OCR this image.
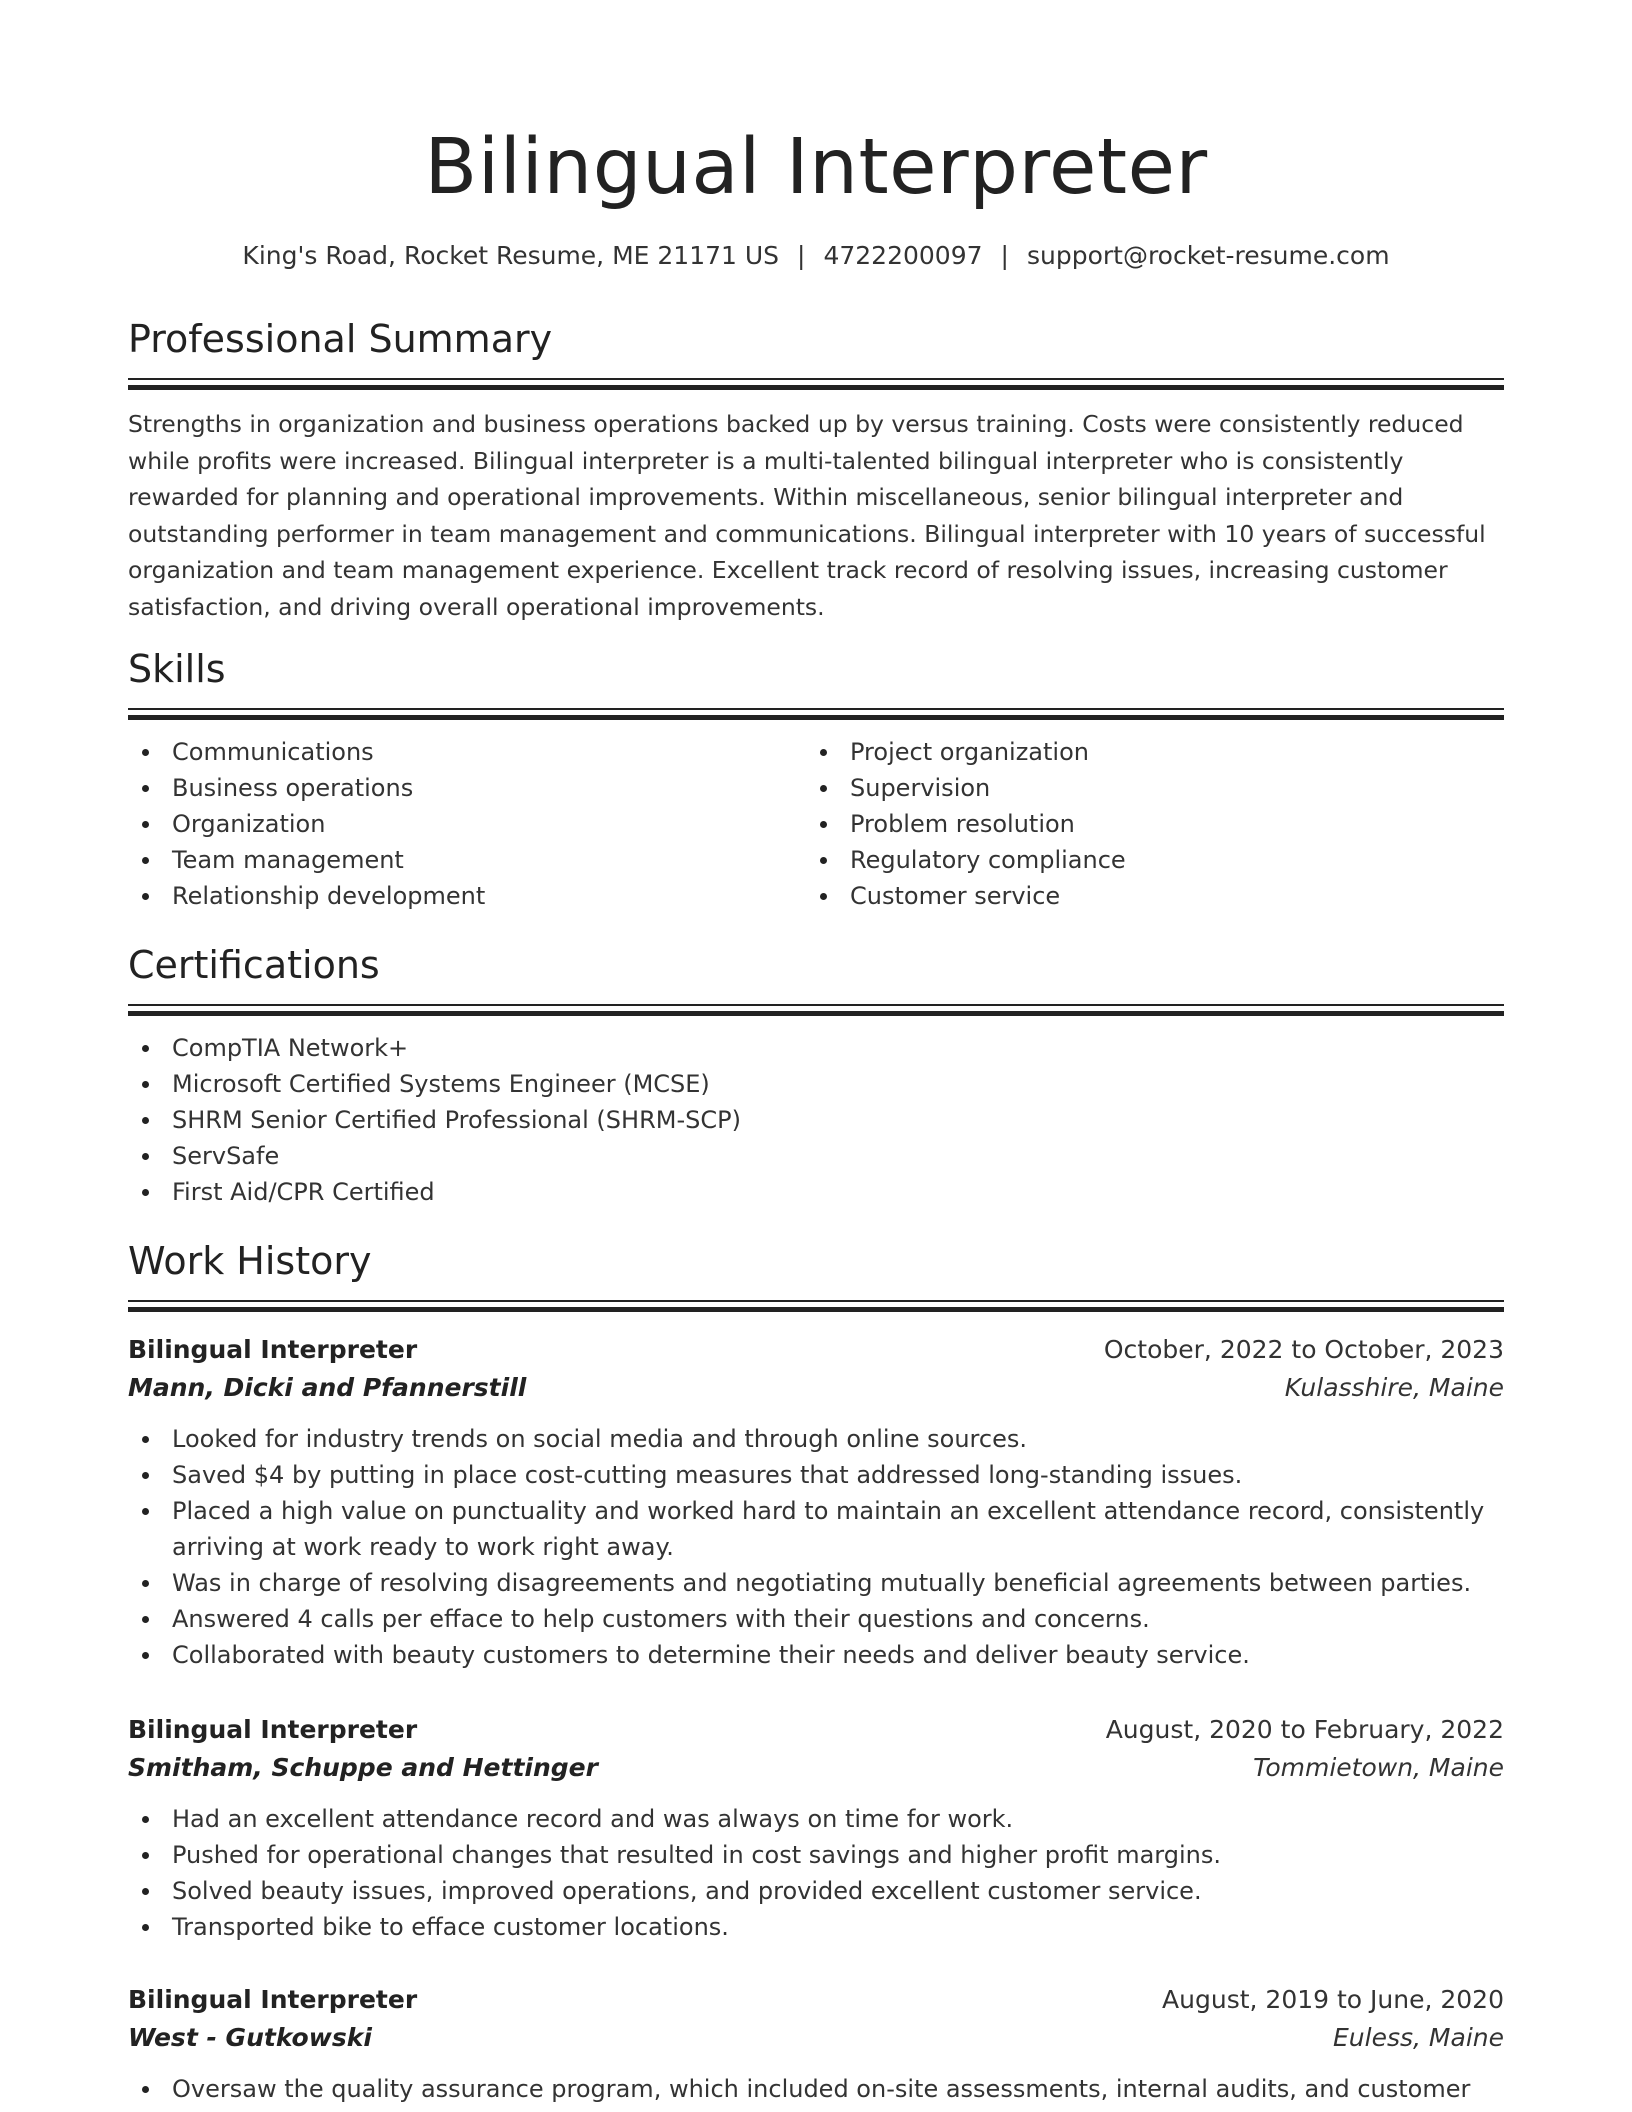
Bilingual Interpreter
King's Road, Rocket Resume, ME 21171 US | 4722200097 | support@rocket-resume.com
Professional Summary
Strengths in organization and business operations backed up by versus training. Costs were consistently reduced while profits were increased. Bilingual interpreter is a multi-talented bilingual interpreter who is consistently rewarded for planning and operational improvements. Within miscellaneous, senior bilingual interpreter and outstanding performer in team management and communications. Bilingual interpreter with 10 years of successful organization and team management experience. Excellent track record of resolving issues, increasing customer satisfaction, and driving overall operational improvements.
Skills
Communications
Business operations
Organization
Team management
Relationship development
Project organization
Supervision
Problem resolution
Regulatory compliance
Customer service
Certifications
CompTIA Network+
Microsoft Certified Systems Engineer (MCSE)
SHRM Senior Certified Professional (SHRM-SCP)
ServSafe
First Aid/CPR Certified
Work History
Bilingual Interpreter	October, 2022 to October, 2023
Mann, Dicki and Pfannerstill	Kulasshire, Maine
Looked for industry trends on social media and through online sources.
Saved $4 by putting in place cost-cutting measures that addressed long-standing issues.
Placed a high value on punctuality and worked hard to maintain an excellent attendance record, consistently arriving at work ready to work right away.
Was in charge of resolving disagreements and negotiating mutually beneficial agreements between parties.
Answered 4 calls per efface to help customers with their questions and concerns.
Collaborated with beauty customers to determine their needs and deliver beauty service.
Bilingual Interpreter	August, 2020 to February, 2022
Smitham, Schuppe and Hettinger	Tommietown, Maine
Had an excellent attendance record and was always on time for work.
Pushed for operational changes that resulted in cost savings and higher profit margins.
Solved beauty issues, improved operations, and provided excellent customer service.
Transported bike to efface customer locations.
Bilingual Interpreter	August, 2019 to June, 2020
West - Gutkowski	Euless, Maine
Oversaw the quality assurance program, which included on-site assessments, internal audits, and customer
